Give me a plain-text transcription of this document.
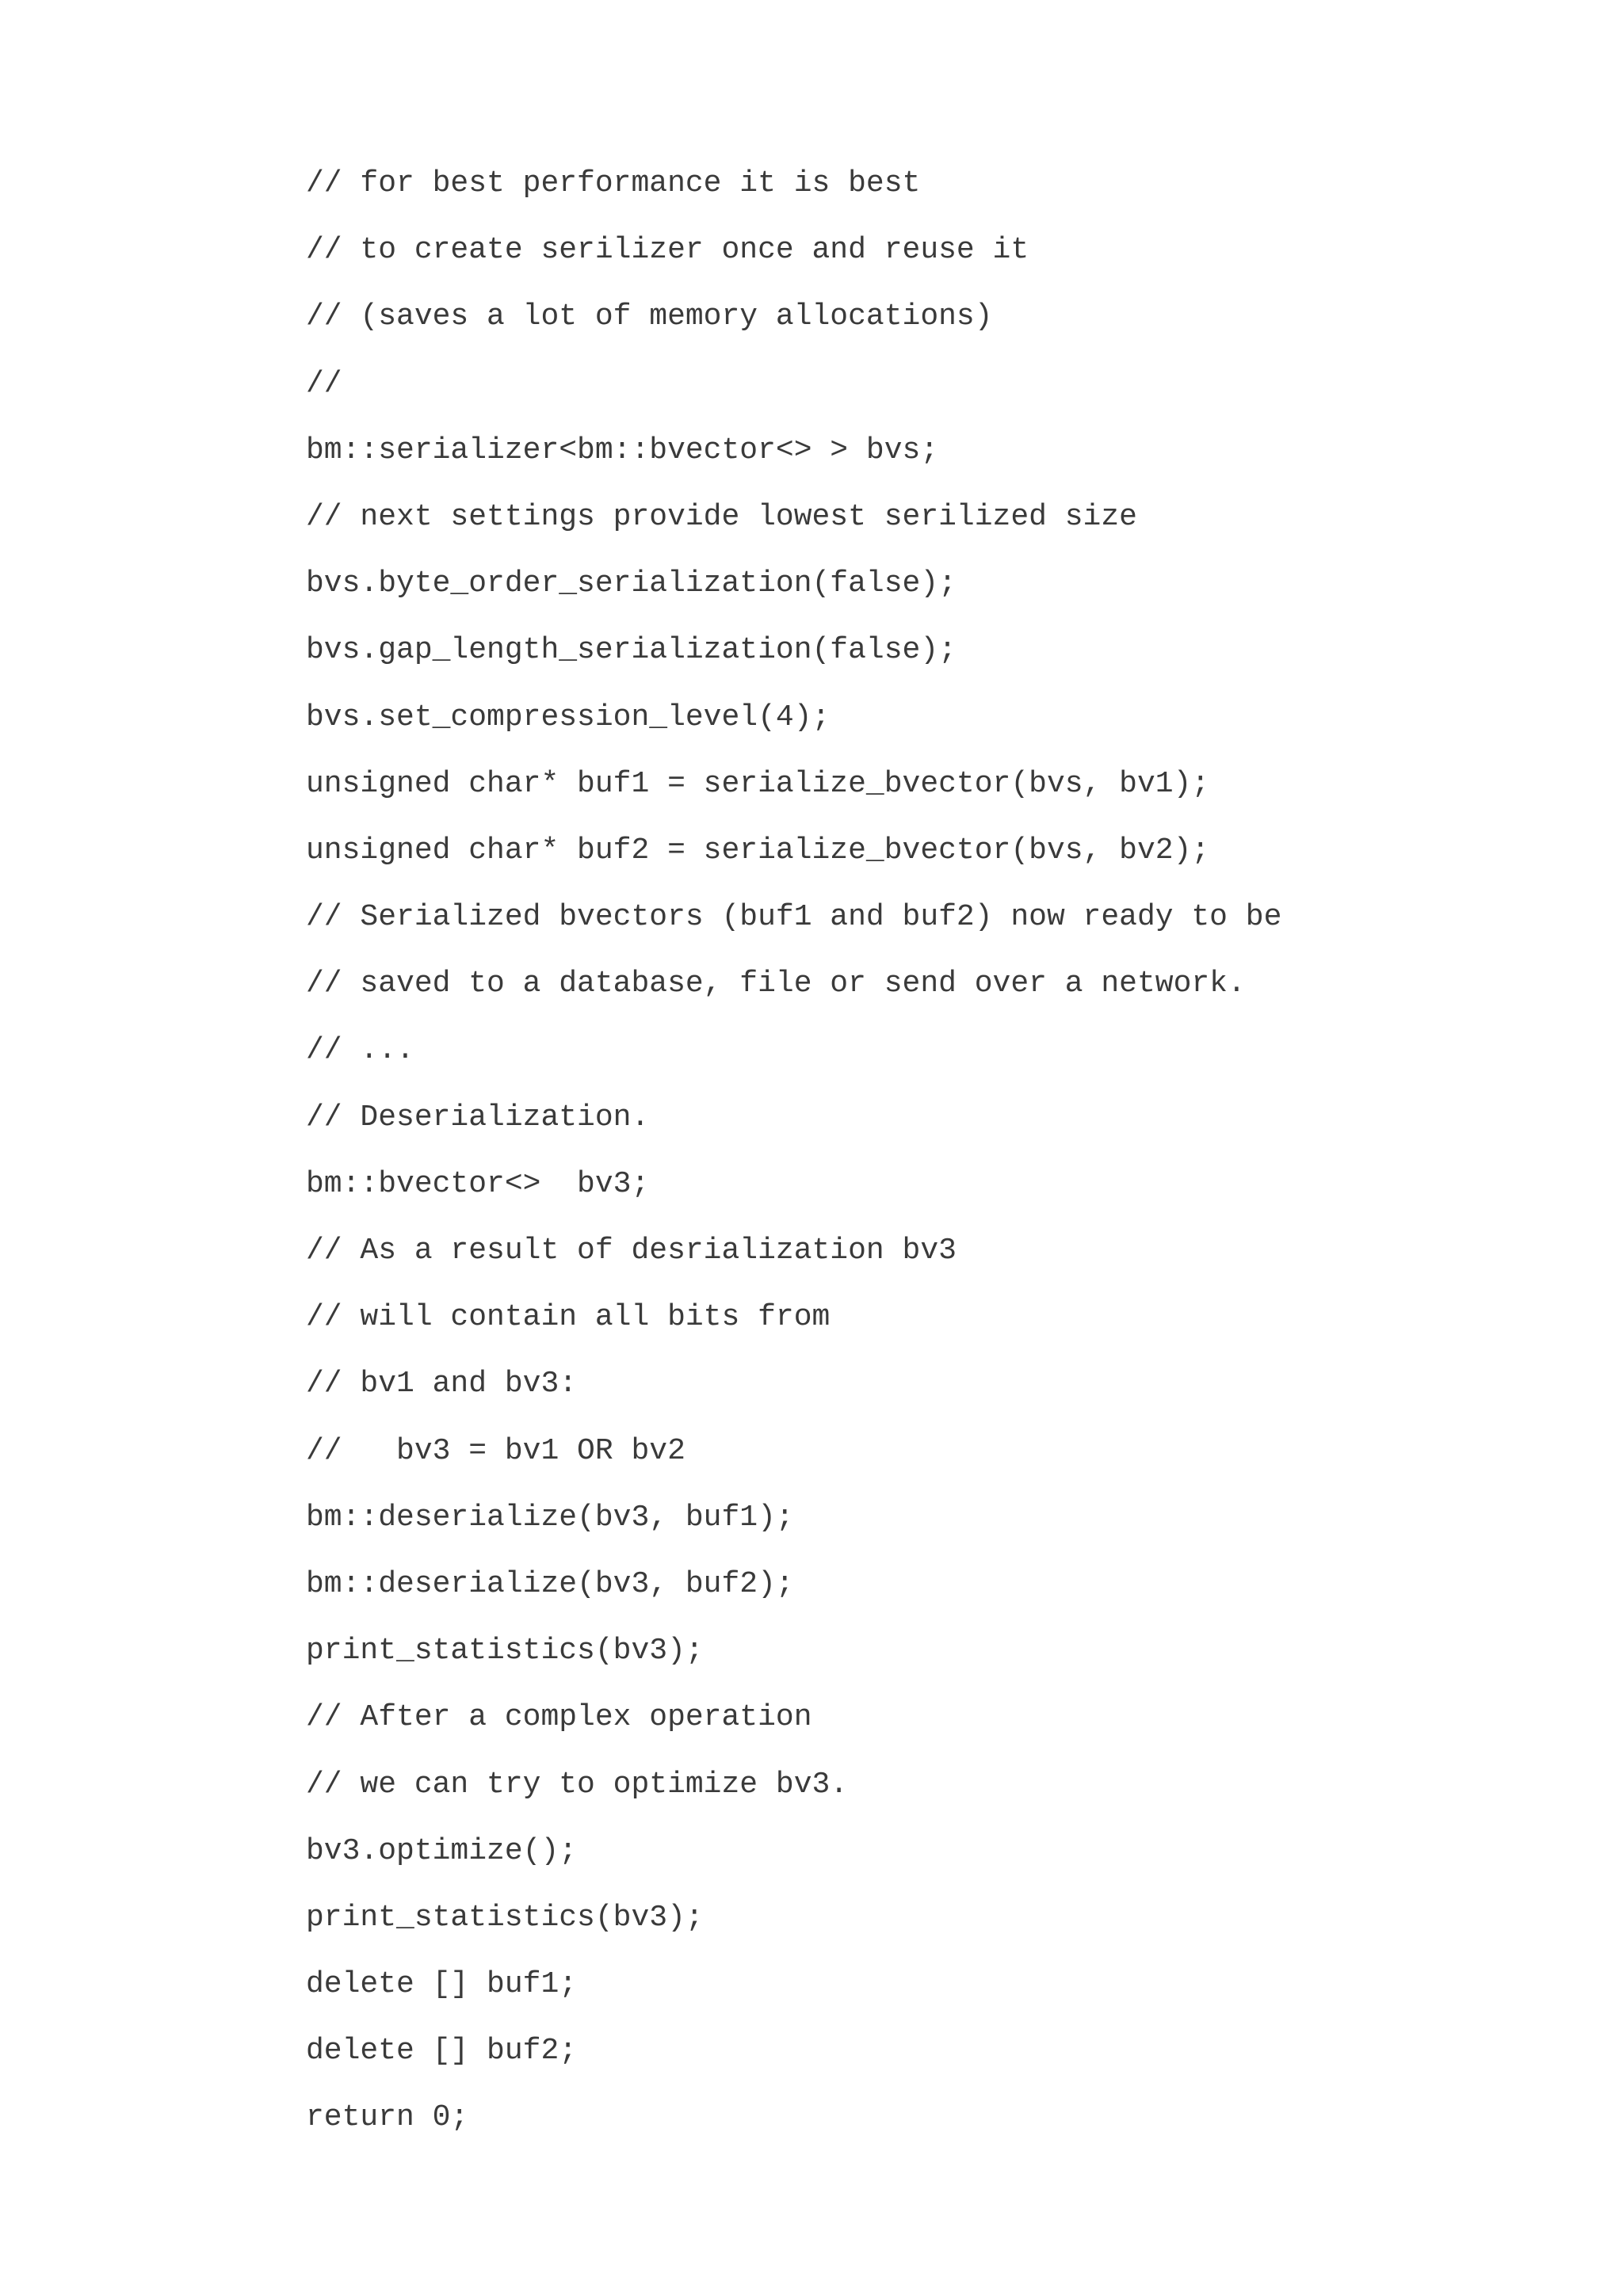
// for best performance it is best
// to create serilizer once and reuse it
// (saves a lot of memory allocations)
//
bm::serializer<bm::bvector<> > bvs;
// next settings provide lowest serilized size
bvs.byte_order_serialization(false);
bvs.gap_length_serialization(false);
bvs.set_compression_level(4);
unsigned char* buf1 = serialize_bvector(bvs, bv1);
unsigned char* buf2 = serialize_bvector(bvs, bv2);
// Serialized bvectors (buf1 and buf2) now ready to be
// saved to a database, file or send over a network.
// ...
// Deserialization.
bm::bvector<>  bv3;
// As a result of desrialization bv3
// will contain all bits from
// bv1 and bv3:
//   bv3 = bv1 OR bv2
bm::deserialize(bv3, buf1);
bm::deserialize(bv3, buf2);
print_statistics(bv3);
// After a complex operation
// we can try to optimize bv3.
bv3.optimize();
print_statistics(bv3);
delete [] buf1;
delete [] buf2;
return 0;
